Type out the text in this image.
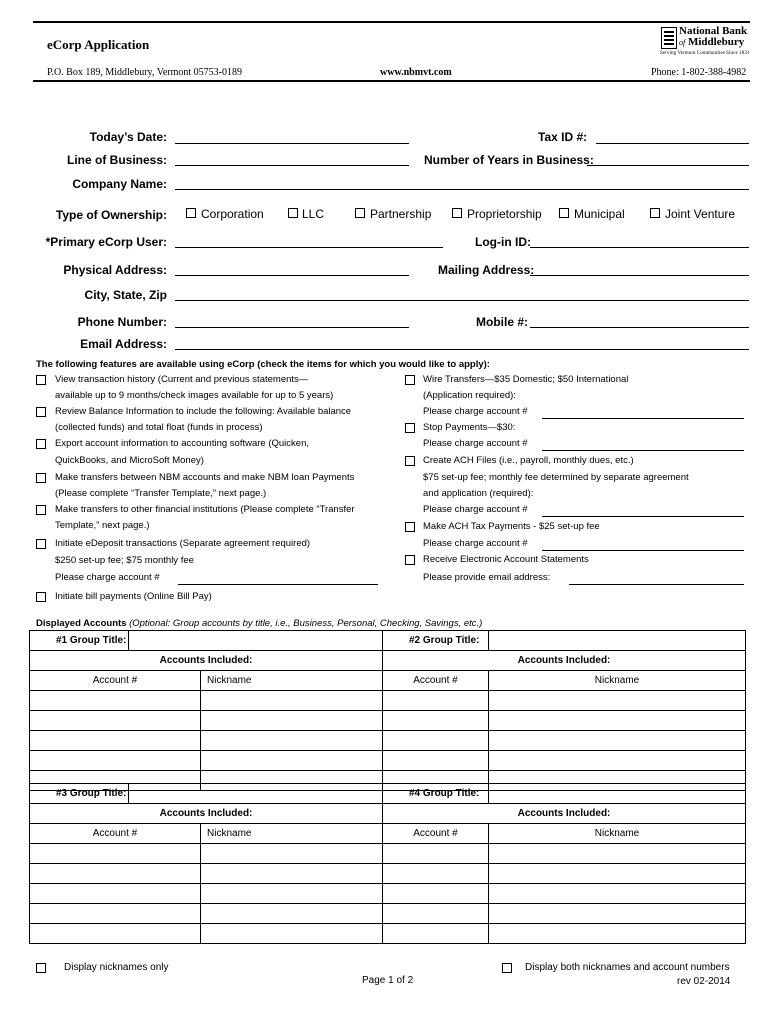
eCorp Application
National Bank
of Middlebury
Serving Vermont Communities Since 1831
P.O. Box 189, Middlebury, Vermont 05753-0189	www.nbmvt.com	Phone: 1-802-388-4982
Today’s Date:	Tax ID #:
Line of Business:	Number of Years in Business:
Company Name:
Type of Ownership:	Corporation	LLC	Partnership	Proprietorship	Municipal	Joint Venture
*Primary eCorp User:	Log-in ID:
Physical Address:	Mailing Address:
City, State, Zip
Phone Number:	Mobile #:
Email Address:
The following features are available using eCorp (check the items for which you would like to apply):
View transaction history (Current and previous statements—
available up to 9 months/check images available for up to 5 years)
Review Balance Information to include the following: Available balance
(collected funds) and total float (funds in process)
Export account information to accounting software (Quicken,
QuickBooks, and MicroSoft Money)
Make transfers between NBM accounts and make NBM loan Payments
(Please complete “Transfer Template,” next page.)
Make transfers to other financial institutions (Please complete “Transfer
Template,” next page.)
Initiate eDeposit transactions (Separate agreement required)
$250 set-up fee; $75 monthly fee
Please charge account #
Initiate bill payments (Online Bill Pay)
Wire Transfers—$35 Domestic; $50 International
(Application required):
Please charge account #
Stop Payments—$30:
Please charge account #
Create ACH Files (i.e., payroll, monthly dues, etc.)
$75 set-up fee; monthly fee determined by separate agreement
and application (required):
Please charge account #
Make ACH Tax Payments - $25 set-up fee
Please charge account #
Receive Electronic Account Statements
Please provide email address:
Displayed Accounts (Optional: Group accounts by title, i.e., Business, Personal, Checking, Savings, etc.)
#1 Group Title:			#2 Group Title:	
Accounts Included:			Accounts Included:	
Account #		Nickname	Account #	Nickname

#3 Group Title:			#4 Group Title:	
Accounts Included:			Accounts Included:	
Account #		Nickname	Account #	Nickname

Display nicknames only	Display both nicknames and account numbers
Page 1 of 2	rev 02-2014
